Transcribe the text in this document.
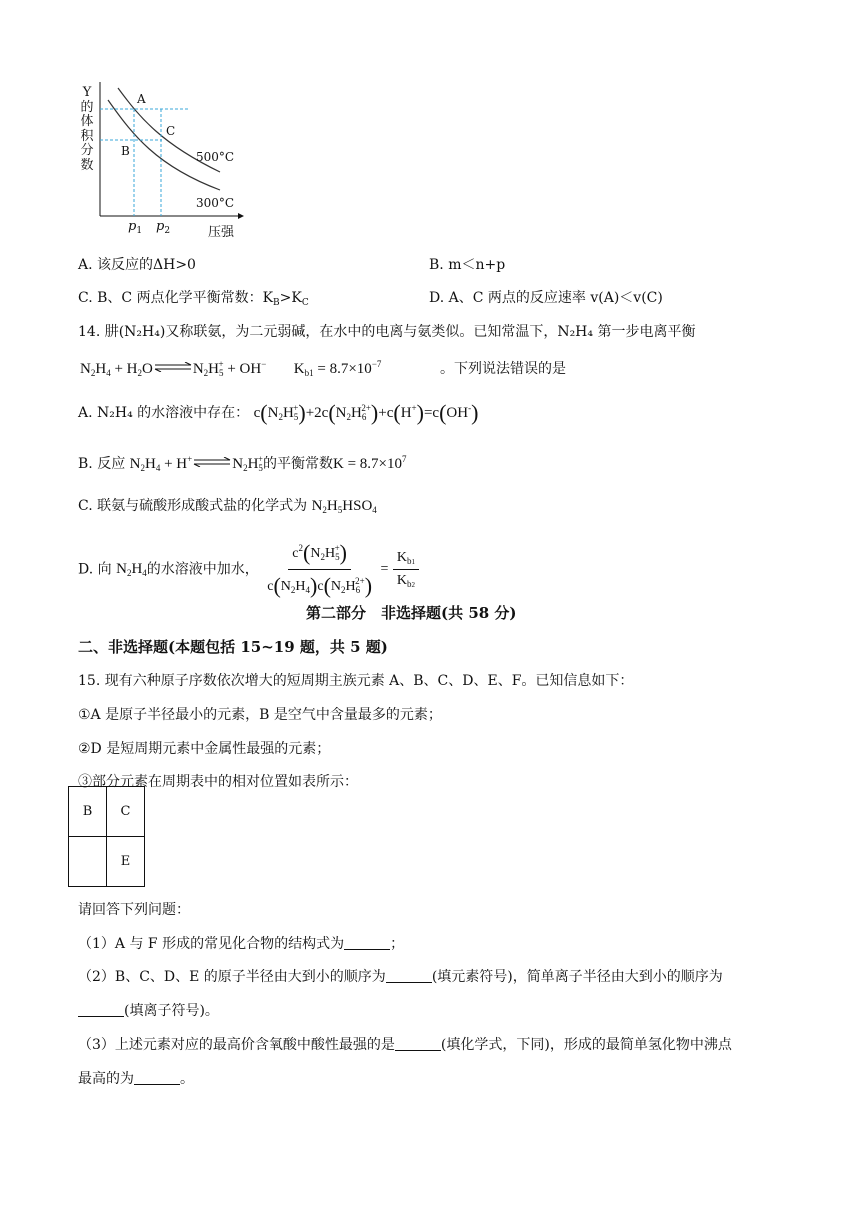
Y
的
体
积
分
数
A
C
B	500°C
300°C
$p_1$ $p_2$	压强
A. 该反应的ΔH>0	B. m＜n+p
C. B、C 两点化学平衡常数：$K_B>K_C$	D. A、C 两点的反应速率 v(A)＜v(C)
14. 肼(N₂H₄)又称联氨，为二元弱碱，在水中的电离与氨类似。已知常温下，N₂H₄ 第一步电离平衡
$N_2H_4$ + $H_2O\rightleftharpoons N_2H_5^+ + OH^-$ $K_{b1} = 8.7\times 10^{-7}$	。下列说法错误的是
A. N₂H₄ 的水溶液中存在： $c(N_2H_5^+)+2c(N_2H_6^{2+})+c(H^+)=c(OH^-)$
B. 反应 $N_2H_4 + H^+$	$N_2H_5^+$的平衡常数$K = 8.7\times 10^7$
C. 联氨与硫酸形成酸式盐的化学式为 $N_2H_5HSO_4$
D. 向 $N_2H_4$的水溶液中加水， $\frac{c^2(N_2H_5^+)}{c(N_2H_4)c(N_2H_6^{2+})} = \frac{K_{b1}}{K_{b2}}$
第二部分　非选择题(共 58 分)
二、非选择题(本题包括 15~19 题，共 5 题)
15. 现有六种原子序数依次增大的短周期主族元素 A、B、C、D、E、F。已知信息如下：
①A 是原子半径最小的元素，B 是空气中含量最多的元素；
②D 是短周期元素中金属性最强的元素；
③部分元素在周期表中的相对位置如表所示：
B	C
	E
请回答下列问题：
（1）A 与 F 形成的常见化合物的结构式为	；
（2）B、C、D、E 的原子半径由大到小的顺序为	(填元素符号)，简单离子半径由大到小的顺序为
(填离子符号)。
（3）上述元素对应的最高价含氧酸中酸性最强的是	(填化学式，下同)，形成的最简单氢化物中沸点
最高的为	。
